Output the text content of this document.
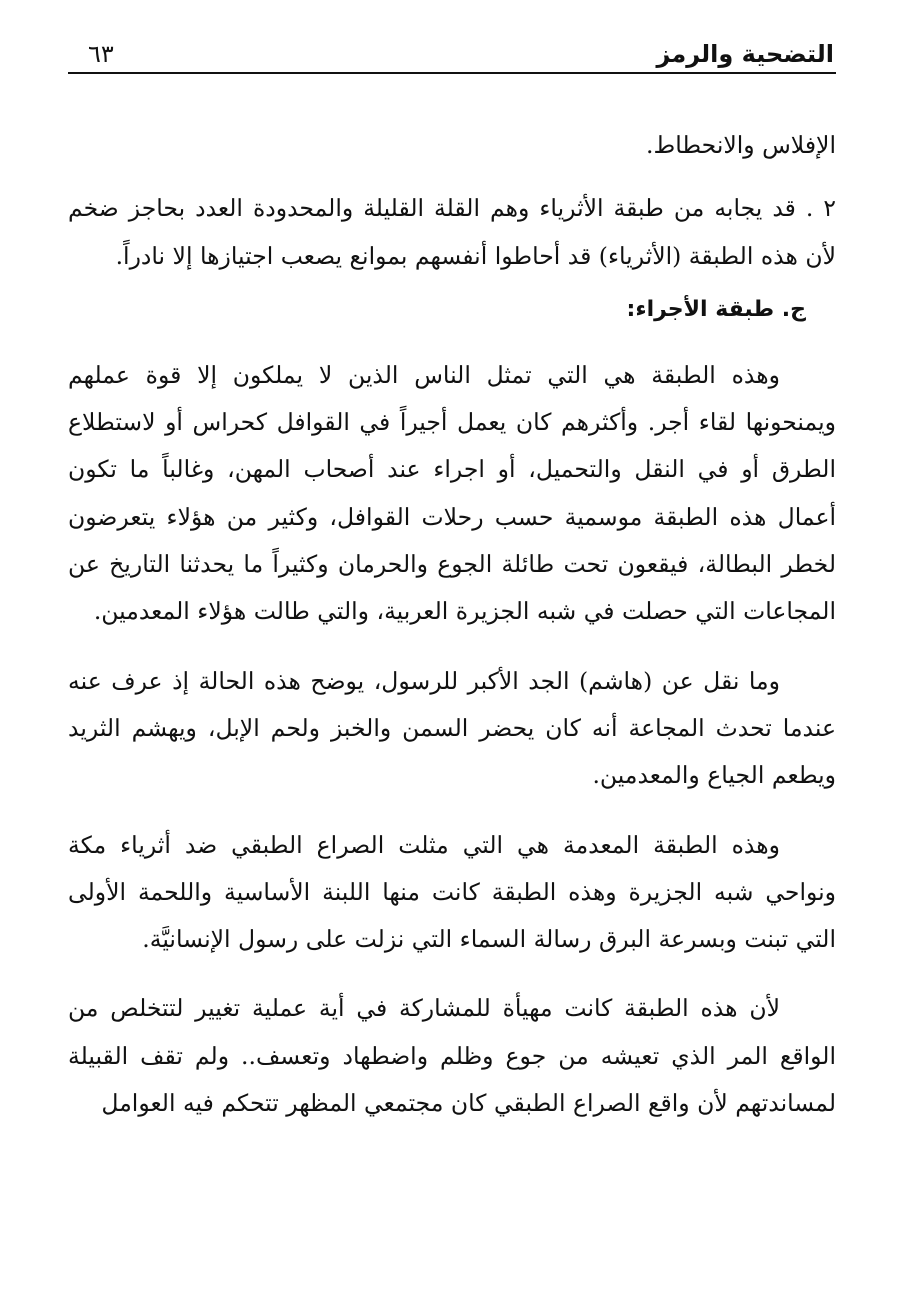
التضحية والرمز
٦٣

الإفلاس والانحطاط.

٢ . قد يجابه من طبقة الأثرياء وهم القلة القليلة والمحدودة العدد بحاجز ضخم لأن هذه الطبقة (الأثرياء) قد أحاطوا أنفسهم بموانع يصعب اجتيازها إلا نادراً.

ج. طبقة الأجراء:

وهذه الطبقة هي التي تمثل الناس الذين لا يملكون إلا قوة عملهم ويمنحونها لقاء أجر. وأكثرهم كان يعمل أجيراً في القوافل كحراس أو لاستطلاع الطرق أو في النقل والتحميل، أو اجراء عند أصحاب المهن، وغالباً ما تكون أعمال هذه الطبقة موسمية حسب رحلات القوافل، وكثير من هؤلاء يتعرضون لخطر البطالة، فيقعون تحت طائلة الجوع والحرمان وكثيراً ما يحدثنا التاريخ عن المجاعات التي حصلت في شبه الجزيرة العربية، والتي طالت هؤلاء المعدمين.

وما نقل عن (هاشم) الجد الأكبر للرسول، يوضح هذه الحالة إذ عرف عنه عندما تحدث المجاعة أنه كان يحضر السمن والخبز ولحم الإبل، ويهشم الثريد ويطعم الجياع والمعدمين.

وهذه الطبقة المعدمة هي التي مثلت الصراع الطبقي ضد أثرياء مكة ونواحي شبه الجزيرة وهذه الطبقة كانت منها اللبنة الأساسية واللحمة الأولى التي تبنت وبسرعة البرق رسالة السماء التي نزلت على رسول الإنسانيَّة.

لأن هذه الطبقة كانت مهيأة للمشاركة في أية عملية تغيير لتتخلص من الواقع المر الذي تعيشه من جوع وظلم واضطهاد وتعسف.. ولم تقف القبيلة لمساندتهم لأن واقع الصراع الطبقي كان مجتمعي المظهر تتحكم فيه العوامل
